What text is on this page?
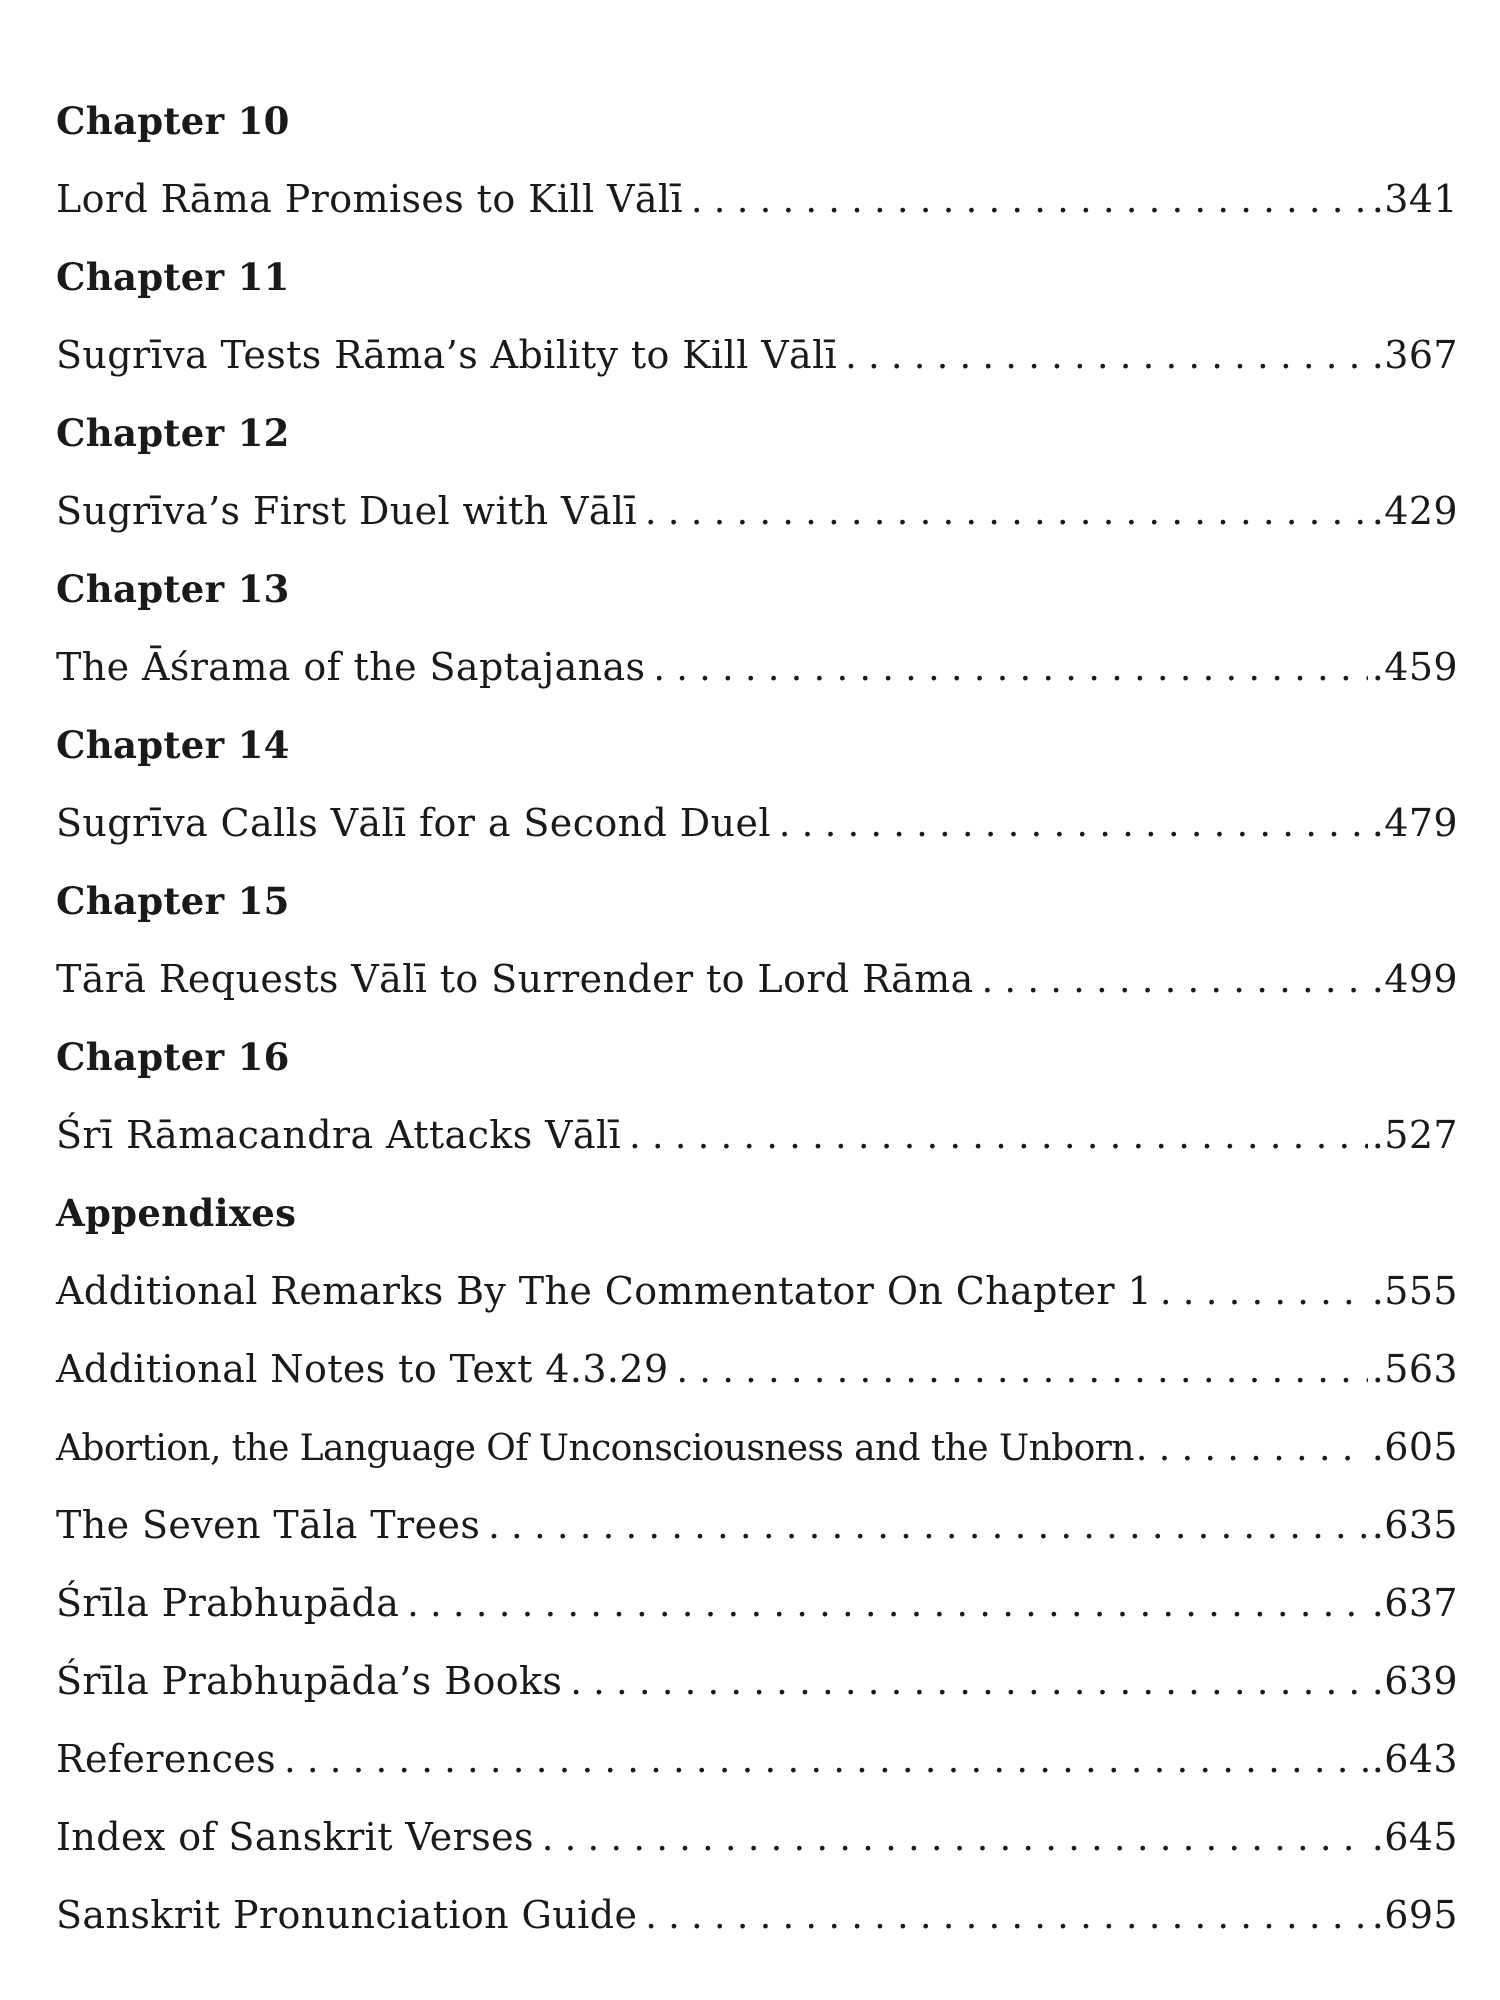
Chapter 10
Lord Rāma Promises to Kill Vālī . . .	.341
Chapter 11
Sugrīva Tests Rāma’s Ability to Kill Vālī . . .	.367
Chapter 12
Sugrīva’s First Duel with Vālī . . .	.429
Chapter 13
The Āśrama of the Saptajanas . . .	.459
Chapter 14
Sugrīva Calls Vālī for a Second Duel . . .	.479
Chapter 15
Tārā Requests Vālī to Surrender to Lord Rāma . . .	.499
Chapter 16
Śrī Rāmacandra Attacks Vālī . . .	.527
Appendixes
Additional Remarks By The Commentator On Chapter 1 . . .	.555
Additional Notes to Text 4.3.29 . . .	.563
Abortion, the Language Of Unconsciousness and the Unborn . . .	.605
The Seven Tāla Trees . . .	.635
Śrīla Prabhupāda . . .	.637
Śrīla Prabhupāda’s Books . . .	.639
References . . .	.643
Index of Sanskrit Verses . . .	.645
Sanskrit Pronunciation Guide . . .	.695
